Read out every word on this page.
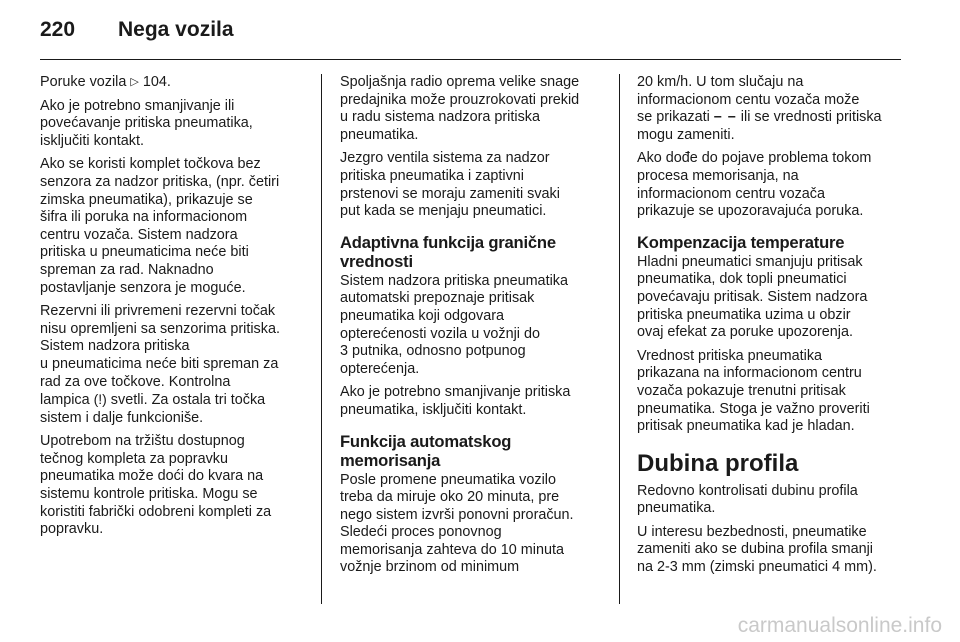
220 Nega vozila

Poruke vozila ▷ 104.

Ako je potrebno smanjivanje ili
povećavanje pritiska pneumatika,
isključiti kontakt.

Ako se koristi komplet točkova bez
senzora za nadzor pritiska, (npr. četiri
zimska pneumatika), prikazuje se
šifra ili poruka na informacionom
centru vozača. Sistem nadzora
pritiska u pneumaticima neće biti
spreman za rad. Naknadno
postavljanje senzora je moguće.

Rezervni ili privremeni rezervni točak
nisu opremljeni sa senzorima pritiska.
Sistem nadzora pritiska
u pneumaticima neće biti spreman za
rad za ove točkove. Kontrolna
lampica (!) svetli. Za ostala tri točka
sistem i dalje funkcioniše.

Upotrebom na tržištu dostupnog
tečnog kompleta za popravku
pneumatika može doći do kvara na
sistemu kontrole pritiska. Mogu se
koristiti fabrički odobreni kompleti za
popravku.

Spoljašnja radio oprema velike snage
predajnika može prouzrokovati prekid
u radu sistema nadzora pritiska
pneumatika.

Jezgro ventila sistema za nadzor
pritiska pneumatika i zaptivni
prstenovi se moraju zameniti svaki
put kada se menjaju pneumatici.

Adaptivna funkcija granične
vrednosti

Sistem nadzora pritiska pneumatika
automatski prepoznaje pritisak
pneumatika koji odgovara
opterećenosti vozila u vožnji do
3 putnika, odnosno potpunog
opterećenja.

Ako je potrebno smanjivanje pritiska
pneumatika, isključiti kontakt.

Funkcija automatskog
memorisanja

Posle promene pneumatika vozilo
treba da miruje oko 20 minuta, pre
nego sistem izvrši ponovni proračun.
Sledeći proces ponovnog
memorisanja zahteva do 10 minuta
vožnje brzinom od minimum

20 km/h. U tom slučaju na
informacionom centu vozača može
se prikazati – – ili se vrednosti pritiska
mogu zameniti.

Ako dođe do pojave problema tokom
procesa memorisanja, na
informacionom centru vozača
prikazuje se upozoravajuća poruka.

Kompenzacija temperature

Hladni pneumatici smanjuju pritisak
pneumatika, dok topli pneumatici
povećavaju pritisak. Sistem nadzora
pritiska pneumatika uzima u obzir
ovaj efekat za poruke upozorenja.

Vrednost pritiska pneumatika
prikazana na informacionom centru
vozača pokazuje trenutni pritisak
pneumatika. Stoga je važno proveriti
pritisak pneumatika kad je hladan.

Dubina profila

Redovno kontrolisati dubinu profila
pneumatika.

U interesu bezbednosti, pneumatike
zameniti ako se dubina profila smanji
na 2-3 mm (zimski pneumatici 4 mm).

carmanualsonline.info
